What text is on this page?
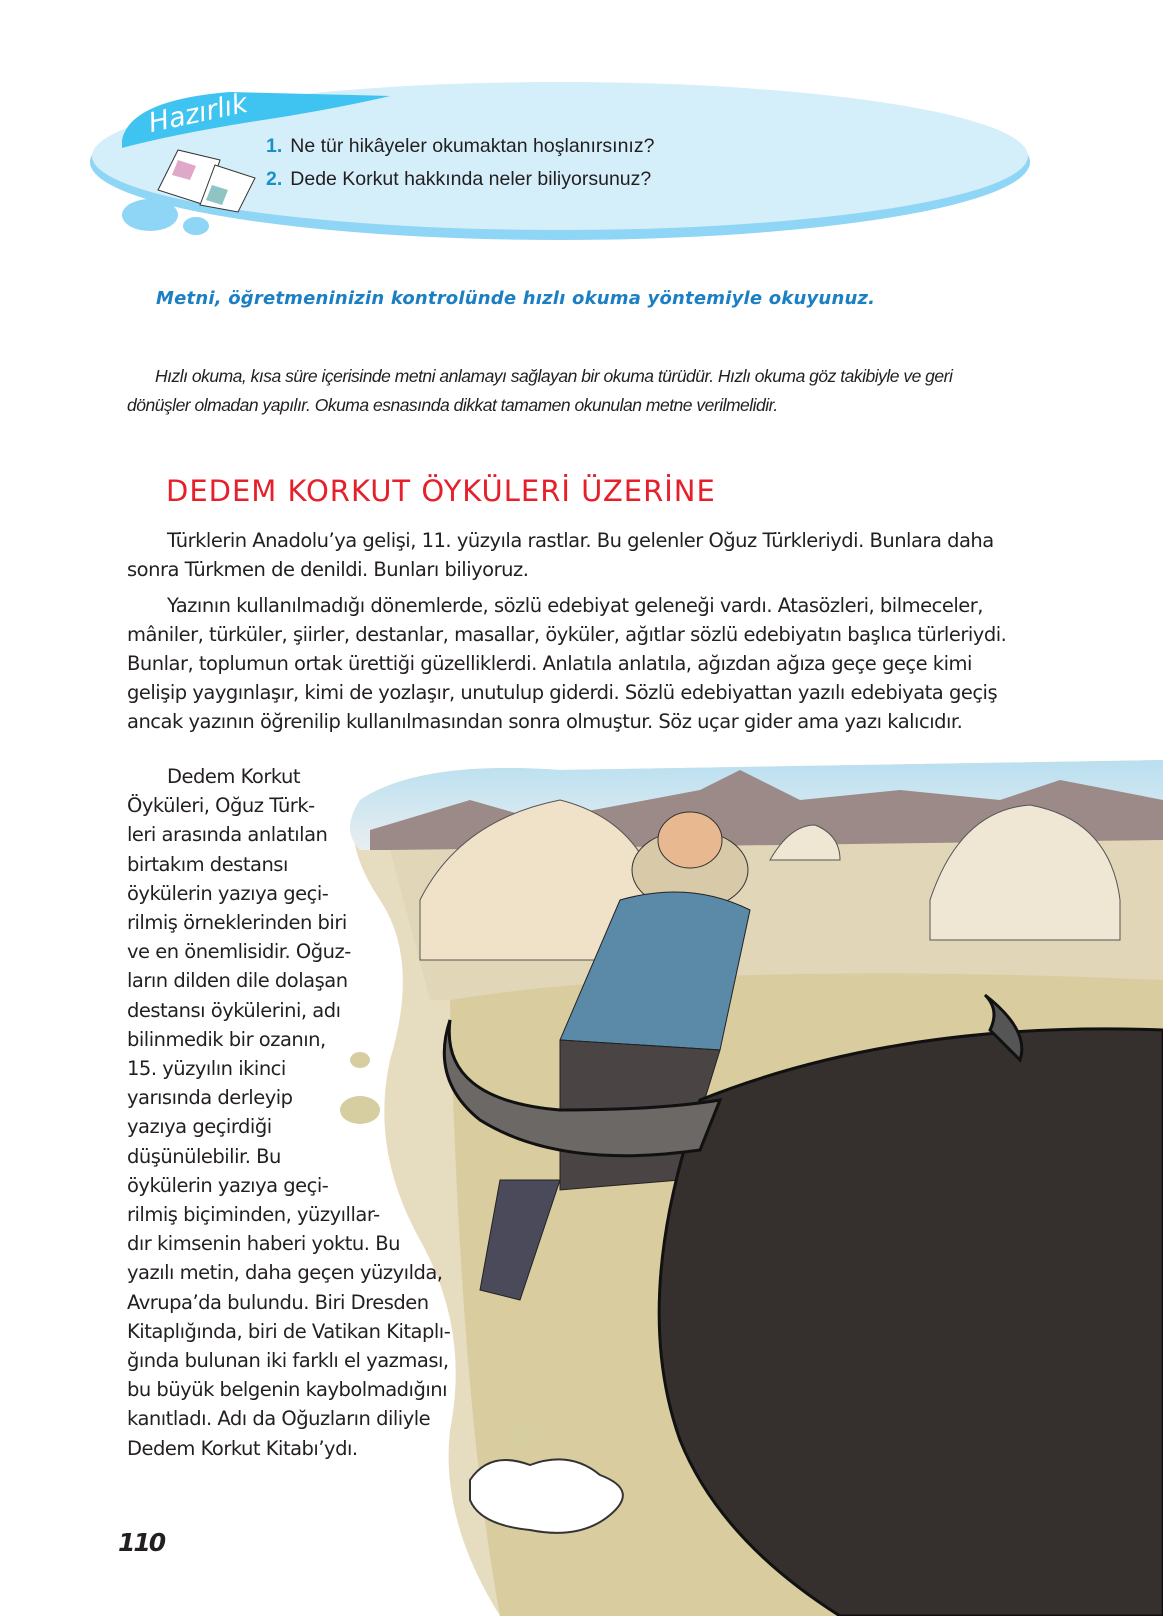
Hazırlık
1. Ne tür hikâyeler okumaktan hoşlanırsınız?
2. Dede Korkut hakkında neler biliyorsunuz?
Metni, öğretmeninizin kontrolünde hızlı okuma yöntemiyle okuyunuz.
Hızlı okuma, kısa süre içerisinde metni anlamayı sağlayan bir okuma türüdür. Hızlı okuma göz takibiyle ve geri dönüşler olmadan yapılır. Okuma esnasında dikkat tamamen okunulan metne verilmelidir.
DEDEM KORKUT ÖYKÜLERİ ÜZERİNE
Türklerin Anadolu’ya gelişi, 11. yüzyıla rastlar. Bu gelenler Oğuz Türkleriydi. Bunlara daha sonra Türkmen de denildi. Bunları biliyoruz.
Yazının kullanılmadığı dönemlerde, sözlü edebiyat geleneği vardı. Atasözleri, bilmeceler, mâniler, türküler, şiirler, destanlar, masallar, öyküler, ağıtlar sözlü edebiyatın başlıca türleriydi. Bunlar, toplumun ortak ürettiği güzelliklerdi. Anlatıla anlatıla, ağızdan ağıza geçe geçe kimi gelişip yaygınlaşır, kimi de yozlaşır, unutulup giderdi. Sözlü edebiyattan yazılı edebiyata geçiş ancak yazının öğrenilip kullanılmasından sonra olmuştur. Söz uçar gider ama yazı kalıcıdır.
Dedem Korkut
Öyküleri, Oğuz Türk-
leri arasında anlatılan
birtakım destansı
öykülerin yazıya geçi-
rilmiş örneklerinden biri
ve en önemlisidir. Oğuz-
ların dilden dile dolaşan
destansı öykülerini, adı
bilinmedik bir ozanın,
15. yüzyılın ikinci
yarısında derleyip
yazıya geçirdiği
düşünülebilir. Bu
öykülerin yazıya geçi-
rilmiş biçiminden, yüzyıllar-
dır kimsenin haberi yoktu. Bu
yazılı metin, daha geçen yüzyılda,
Avrupa’da bulundu. Biri Dresden
Kitaplığında, biri de Vatikan Kitaplı-
ğında bulunan iki farklı el yazması,
bu büyük belgenin kaybolmadığını
kanıtladı. Adı da Oğuzların diliyle
Dedem Korkut Kitabı’ydı.
110
